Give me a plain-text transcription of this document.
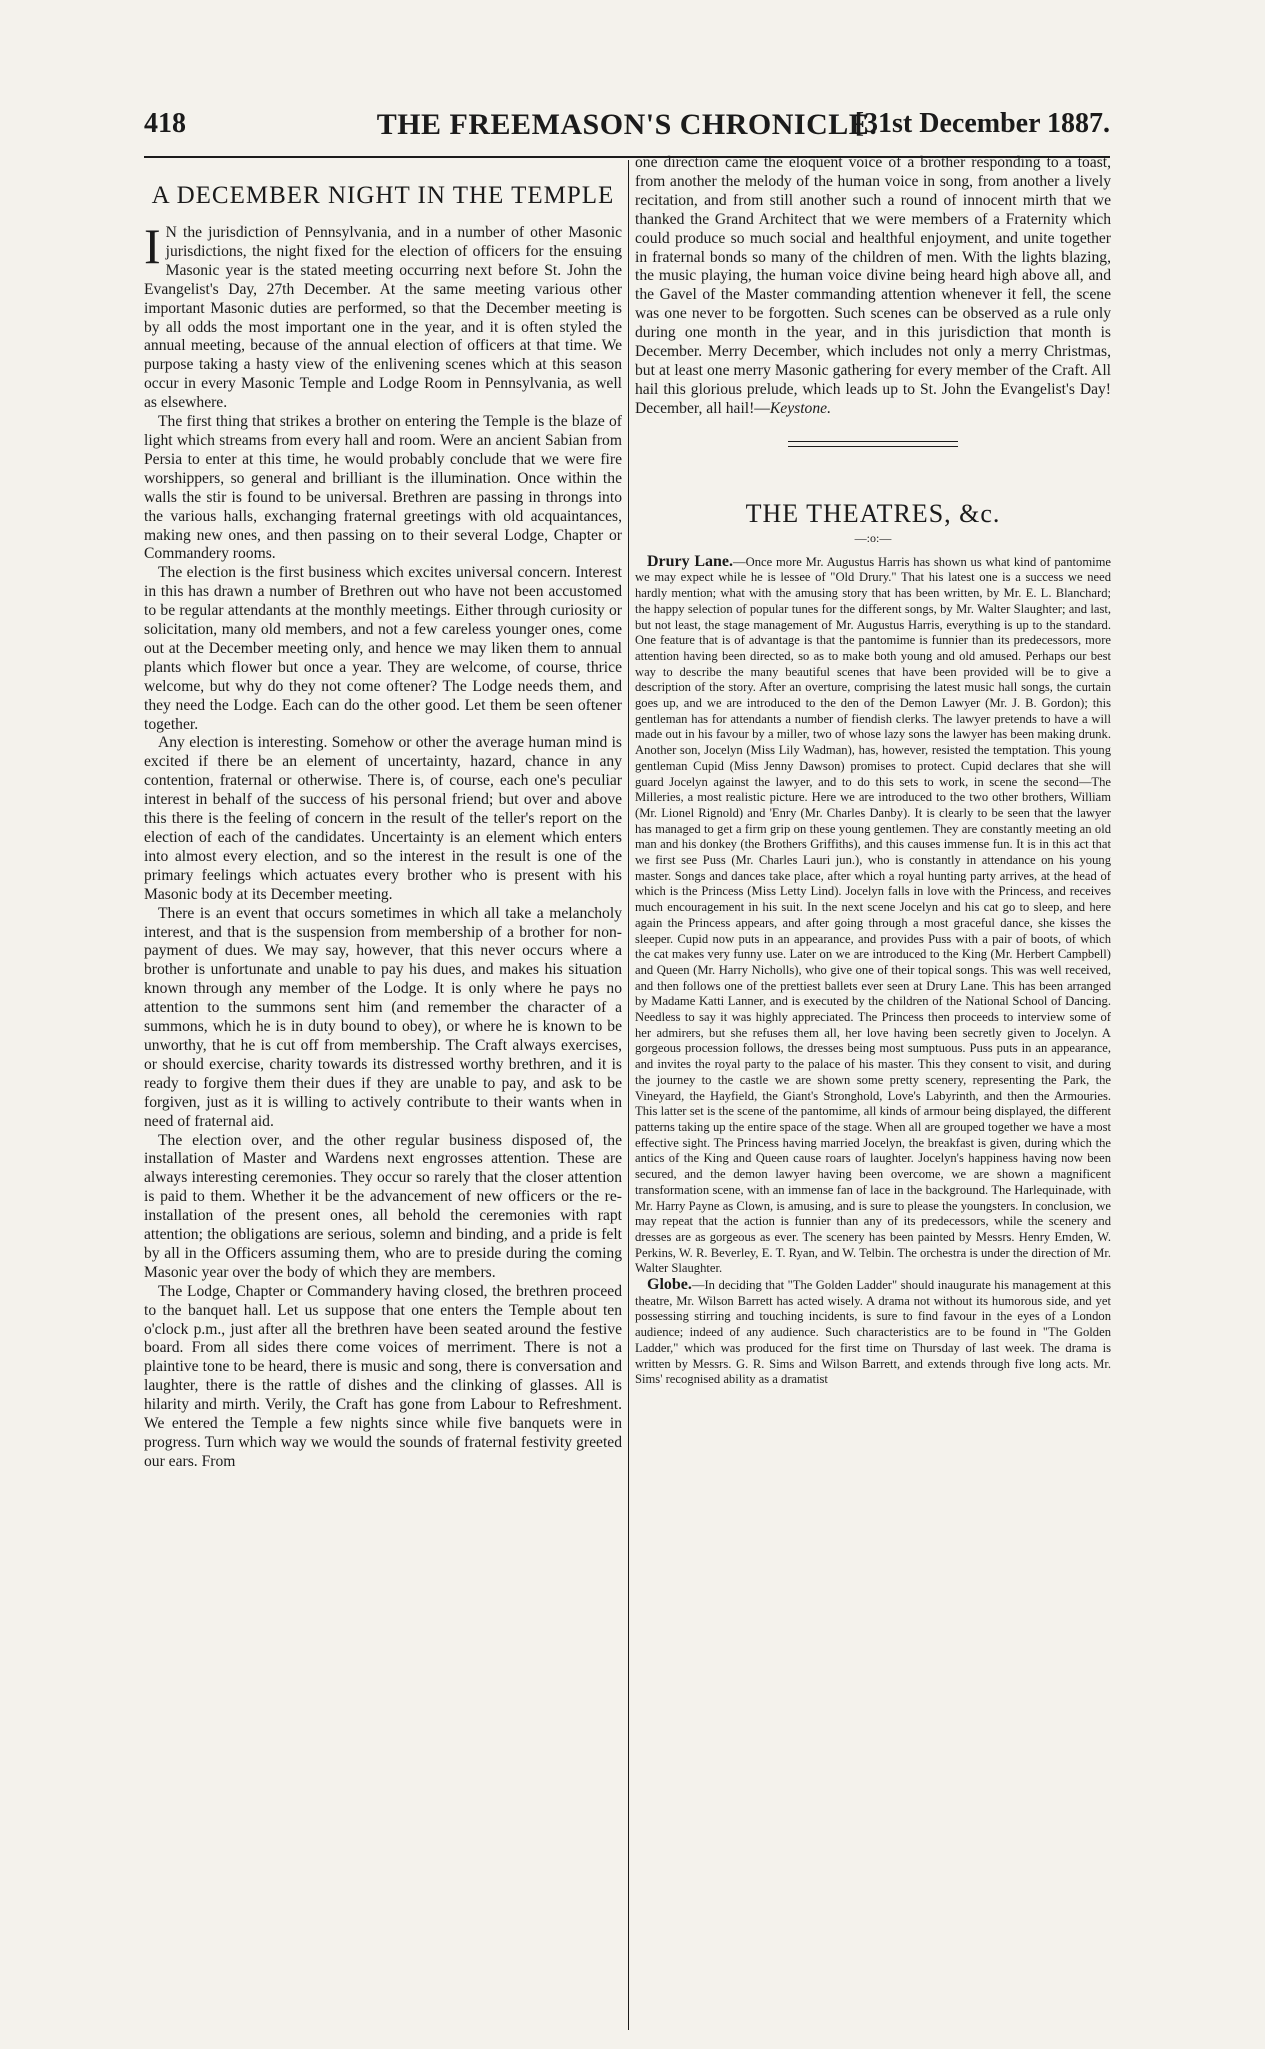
418	THE FREEMASON'S CHRONICLE.
[31st December 1887.
A DECEMBER NIGHT IN THE TEMPLE

I N the jurisdiction of Pennsylvania, and in a number of other Masonic jurisdictions, the night fixed for the election of officers for the ensuing Masonic year is the stated meeting occurring next before St. John the Evangelist's Day, 27th December. At the same meeting various other important Masonic duties are performed, so that the December meeting is by all odds the most important one in the year, and it is often styled the annual meeting, because of the annual election of officers at that time. We purpose taking a hasty view of the enlivening scenes which at this season occur in every Masonic Temple and Lodge Room in Pennsylvania, as well as elsewhere.

The first thing that strikes a brother on entering the Temple is the blaze of light which streams from every hall and room. Were an ancient Sabian from Persia to enter at this time, he would probably conclude that we were fire worshippers, so general and brilliant is the illumination. Once within the walls the stir is found to be universal. Brethren are passing in throngs into the various halls, exchanging fraternal greetings with old acquaintances, making new ones, and then passing on to their several Lodge, Chapter or Commandery rooms.

The election is the first business which excites universal concern. Interest in this has drawn a number of Brethren out who have not been accustomed to be regular attendants at the monthly meetings. Either through curiosity or solicitation, many old members, and not a few careless younger ones, come out at the December meeting only, and hence we may liken them to annual plants which flower but once a year. They are welcome, of course, thrice welcome, but why do they not come oftener? The Lodge needs them, and they need the Lodge. Each can do the other good. Let them be seen oftener together.

Any election is interesting. Somehow or other the average human mind is excited if there be an element of uncertainty, hazard, chance in any contention, fraternal or otherwise. There is, of course, each one's peculiar interest in behalf of the success of his personal friend; but over and above this there is the feeling of concern in the result of the teller's report on the election of each of the candidates. Uncertainty is an element which enters into almost every election, and so the interest in the result is one of the primary feelings which actuates every brother who is present with his Masonic body at its December meeting.

There is an event that occurs sometimes in which all take a melancholy interest, and that is the suspension from membership of a brother for non-payment of dues. We may say, however, that this never occurs where a brother is unfortunate and unable to pay his dues, and makes his situation known through any member of the Lodge. It is only where he pays no attention to the summons sent him (and remember the character of a summons, which he is in duty bound to obey), or where he is known to be unworthy, that he is cut off from membership. The Craft always exercises, or should exercise, charity towards its distressed worthy brethren, and it is ready to forgive them their dues if they are unable to pay, and ask to be forgiven, just as it is willing to actively contribute to their wants when in need of fraternal aid.

The election over, and the other regular business disposed of, the installation of Master and Wardens next engrosses attention. These are always interesting ceremonies. They occur so rarely that the closer attention is paid to them. Whether it be the advancement of new officers or the re-installation of the present ones, all behold the ceremonies with rapt attention; the obligations are serious, solemn and binding, and a pride is felt by all in the Officers assuming them, who are to preside during the coming Masonic year over the body of which they are members.

The Lodge, Chapter or Commandery having closed, the brethren proceed to the banquet hall. Let us suppose that one enters the Temple about ten o'clock p.m., just after all the brethren have been seated around the festive board. From all sides there come voices of merriment. There is not a plaintive tone to be heard, there is music and song, there is conversation and laughter, there is the rattle of dishes and the clinking of glasses. All is hilarity and mirth. Verily, the Craft has gone from Labour to Refreshment. We entered the Temple a few nights since while five banquets were in progress. Turn which way we would the sounds of fraternal festivity greeted our ears. From

one direction came the eloquent voice of a brother responding to a toast, from another the melody of the human voice in song, from another a lively recitation, and from still another such a round of innocent mirth that we thanked the Grand Architect that we were members of a Fraternity which could produce so much social and healthful enjoyment, and unite together in fraternal bonds so many of the children of men. With the lights blazing, the music playing, the human voice divine being heard high above all, and the Gavel of the Master commanding attention whenever it fell, the scene was one never to be forgotten. Such scenes can be observed as a rule only during one month in the year, and in this jurisdiction that month is December. Merry December, which includes not only a merry Christmas, but at least one merry Masonic gathering for every member of the Craft. All hail this glorious prelude, which leads up to St. John the Evangelist's Day! December, all hail!—Keystone.

THE THEATRES, &c.
—:o:—

Drury Lane.—Once more Mr. Augustus Harris has shown us what kind of pantomime we may expect while he is lessee of "Old Drury." That his latest one is a success we need hardly mention; what with the amusing story that has been written, by Mr. E. L. Blanchard; the happy selection of popular tunes for the different songs, by Mr. Walter Slaughter; and last, but not least, the stage management of Mr. Augustus Harris, everything is up to the standard. One feature that is of advantage is that the pantomime is funnier than its predecessors, more attention having been directed, so as to make both young and old amused. Perhaps our best way to describe the many beautiful scenes that have been provided will be to give a description of the story. After an overture, comprising the latest music hall songs, the curtain goes up, and we are introduced to the den of the Demon Lawyer (Mr. J. B. Gordon); this gentleman has for attendants a number of fiendish clerks. The lawyer pretends to have a will made out in his favour by a miller, two of whose lazy sons the lawyer has been making drunk. Another son, Jocelyn (Miss Lily Wadman), has, however, resisted the temptation. This young gentleman Cupid (Miss Jenny Dawson) promises to protect. Cupid declares that she will guard Jocelyn against the lawyer, and to do this sets to work, in scene the second—The Milleries, a most realistic picture. Here we are introduced to the two other brothers, William (Mr. Lionel Rignold) and 'Enry (Mr. Charles Danby). It is clearly to be seen that the lawyer has managed to get a firm grip on these young gentlemen. They are constantly meeting an old man and his donkey (the Brothers Griffiths), and this causes immense fun. It is in this act that we first see Puss (Mr. Charles Lauri jun.), who is constantly in attendance on his young master. Songs and dances take place, after which a royal hunting party arrives, at the head of which is the Princess (Miss Letty Lind). Jocelyn falls in love with the Princess, and receives much encouragement in his suit. In the next scene Jocelyn and his cat go to sleep, and here again the Princess appears, and after going through a most graceful dance, she kisses the sleeper. Cupid now puts in an appearance, and provides Puss with a pair of boots, of which the cat makes very funny use. Later on we are introduced to the King (Mr. Herbert Campbell) and Queen (Mr. Harry Nicholls), who give one of their topical songs. This was well received, and then follows one of the prettiest ballets ever seen at Drury Lane. This has been arranged by Madame Katti Lanner, and is executed by the children of the National School of Dancing. Needless to say it was highly appreciated. The Princess then proceeds to interview some of her admirers, but she refuses them all, her love having been secretly given to Jocelyn. A gorgeous procession follows, the dresses being most sumptuous. Puss puts in an appearance, and invites the royal party to the palace of his master. This they consent to visit, and during the journey to the castle we are shown some pretty scenery, representing the Park, the Vineyard, the Hayfield, the Giant's Stronghold, Love's Labyrinth, and then the Armouries. This latter set is the scene of the pantomime, all kinds of armour being displayed, the different patterns taking up the entire space of the stage. When all are grouped together we have a most effective sight. The Princess having married Jocelyn, the breakfast is given, during which the antics of the King and Queen cause roars of laughter. Jocelyn's happiness having now been secured, and the demon lawyer having been overcome, we are shown a magnificent transformation scene, with an immense fan of lace in the background. The Harlequinade, with Mr. Harry Payne as Clown, is amusing, and is sure to please the youngsters. In conclusion, we may repeat that the action is funnier than any of its predecessors, while the scenery and dresses are as gorgeous as ever. The scenery has been painted by Messrs. Henry Emden, W. Perkins, W. R. Beverley, E. T. Ryan, and W. Telbin. The orchestra is under the direction of Mr. Walter Slaughter.

Globe.—In deciding that "The Golden Ladder" should inaugurate his management at this theatre, Mr. Wilson Barrett has acted wisely. A drama not without its humorous side, and yet possessing stirring and touching incidents, is sure to find favour in the eyes of a London audience; indeed of any audience. Such characteristics are to be found in "The Golden Ladder," which was produced for the first time on Thursday of last week. The drama is written by Messrs. G. R. Sims and Wilson Barrett, and extends through five long acts. Mr. Sims' recognised ability as a dramatist
